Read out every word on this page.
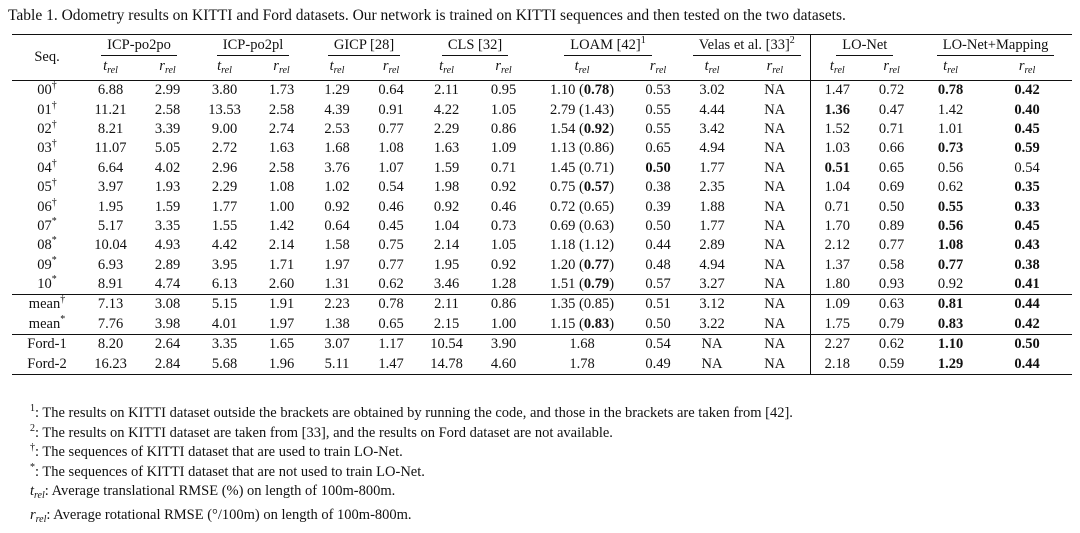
Table 1. Odometry results on KITTI and Ford datasets. Our network is trained on KITTI sequences and then tested on the two datasets.
Seq.	ICP-po2po		ICP-po2pl		GICP [28]		CLS [32]		LOAM $[42]^1$		Velas et al. $[33]^2$		LO-Net		LO-Net+Mapping	
	$t_{rel}$	$r_{rel}$	$t_{rel}$	$r_{rel}$	$t_{rel}$	$r_{rel}$	$t_{rel}$	$r_{rel}$	$t_{rel}$	$r_{rel}$	$t_{rel}$	$r_{rel}$	$t_{rel}$	$r_{rel}$	$t_{rel}$	$r_{rel}$
00†	6.88	2.99	3.80	1.73	1.29	0.64	2.11	0.95	1.10 (0.78)	0.53	3.02	NA	1.47	0.72	0.78	0.42
01†	11.21	2.58	13.53	2.58	4.39	0.91	4.22	1.05	2.79 (1.43)	0.55	4.44	NA	1.36	0.47	1.42	0.40
02†	8.21	3.39	9.00	2.74	2.53	0.77	2.29	0.86	1.54 (0.92)	0.55	3.42	NA	1.52	0.71	1.01	0.45
03†	11.07	5.05	2.72	1.63	1.68	1.08	1.63	1.09	1.13 (0.86)	0.65	4.94	NA	1.03	0.66	0.73	0.59
04†	6.64	4.02	2.96	2.58	3.76	1.07	1.59	0.71	1.45 (0.71)	0.50	1.77	NA	0.51	0.65	0.56	0.54
05†	3.97	1.93	2.29	1.08	1.02	0.54	1.98	0.92	0.75 (0.57)	0.38	2.35	NA	1.04	0.69	0.62	0.35
06†	1.95	1.59	1.77	1.00	0.92	0.46	0.92	0.46	0.72 (0.65)	0.39	1.88	NA	0.71	0.50	0.55	0.33
07*	5.17	3.35	1.55	1.42	0.64	0.45	1.04	0.73	0.69 (0.63)	0.50	1.77	NA	1.70	0.89	0.56	0.45
08*	10.04	4.93	4.42	2.14	1.58	0.75	2.14	1.05	1.18 (1.12)	0.44	2.89	NA	2.12	0.77	1.08	0.43
09*	6.93	2.89	3.95	1.71	1.97	0.77	1.95	0.92	1.20 (0.77)	0.48	4.94	NA	1.37	0.58	0.77	0.38
10*	8.91	4.74	6.13	2.60	1.31	0.62	3.46	1.28	1.51 (0.79)	0.57	3.27	NA	1.80	0.93	0.92	0.41
mean†	7.13	3.08	5.15	1.91	2.23	0.78	2.11	0.86	1.35 (0.85)	0.51	3.12	NA	1.09	0.63	0.81	0.44
mean*	7.76	3.98	4.01	1.97	1.38	0.65	2.15	1.00	1.15 (0.83)	0.50	3.22	NA	1.75	0.79	0.83	0.42
Ford-1	8.20	2.64	3.35	1.65	3.07	1.17	10.54	3.90	1.68	0.54	NA	NA	2.27	0.62	1.10	0.50
Ford-2	16.23	2.84	5.68	1.96	5.11	1.47	14.78	4.60	1.78	0.49	NA	NA	2.18	0.59	1.29	0.44
$^1$: The results on KITTI dataset outside the brackets are obtained by running the code, and those in the brackets are taken from [42].
$^2$: The results on KITTI dataset are taken from [33], and the results on Ford dataset are not available.
†: The sequences of KITTI dataset that are used to train LO-Net.
*: The sequences of KITTI dataset that are not used to train LO-Net.
$t_{rel}$: Average translational RMSE (%) on length of 100m-800m.
$r_{rel}$: Average rotational RMSE (°/100m) on length of 100m-800m.
